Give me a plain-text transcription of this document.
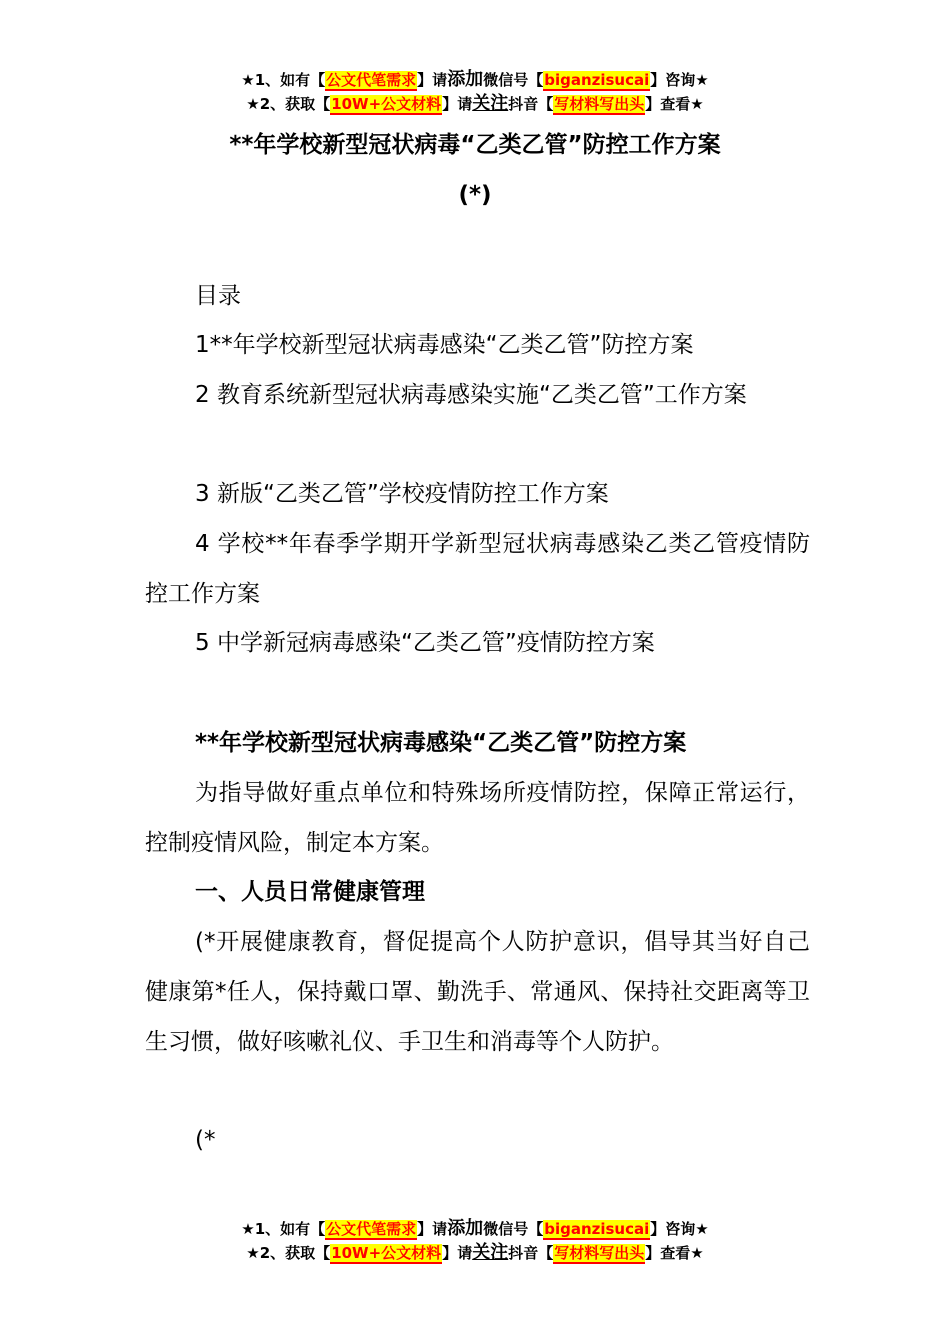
★1、如有【公文代笔需求】请添加微信号【biganzisucai】咨询★
★2、获取【10W+公文材料】请关注抖音【写材料写出头】查看★
**年学校新型冠状病毒“乙类乙管”防控工作方案
(*)
目录
1**年学校新型冠状病毒感染“乙类乙管”防控方案
2 教育系统新型冠状病毒感染实施“乙类乙管”工作方案
3 新版“乙类乙管”学校疫情防控工作方案
4 学校**年春季学期开学新型冠状病毒感染乙类乙管疫情防控工作方案
5 中学新冠病毒感染“乙类乙管”疫情防控方案
**年学校新型冠状病毒感染“乙类乙管”防控方案
为指导做好重点单位和特殊场所疫情防控，保障正常运行，控制疫情风险，制定本方案。
一、人员日常健康管理
(*开展健康教育，督促提高个人防护意识，倡导其当好自己健康第*任人，保持戴口罩、勤洗手、常通风、保持社交距离等卫生习惯，做好咳嗽礼仪、手卫生和消毒等个人防护。
(*
★1、如有【公文代笔需求】请添加微信号【biganzisucai】咨询★
★2、获取【10W+公文材料】请关注抖音【写材料写出头】查看★
